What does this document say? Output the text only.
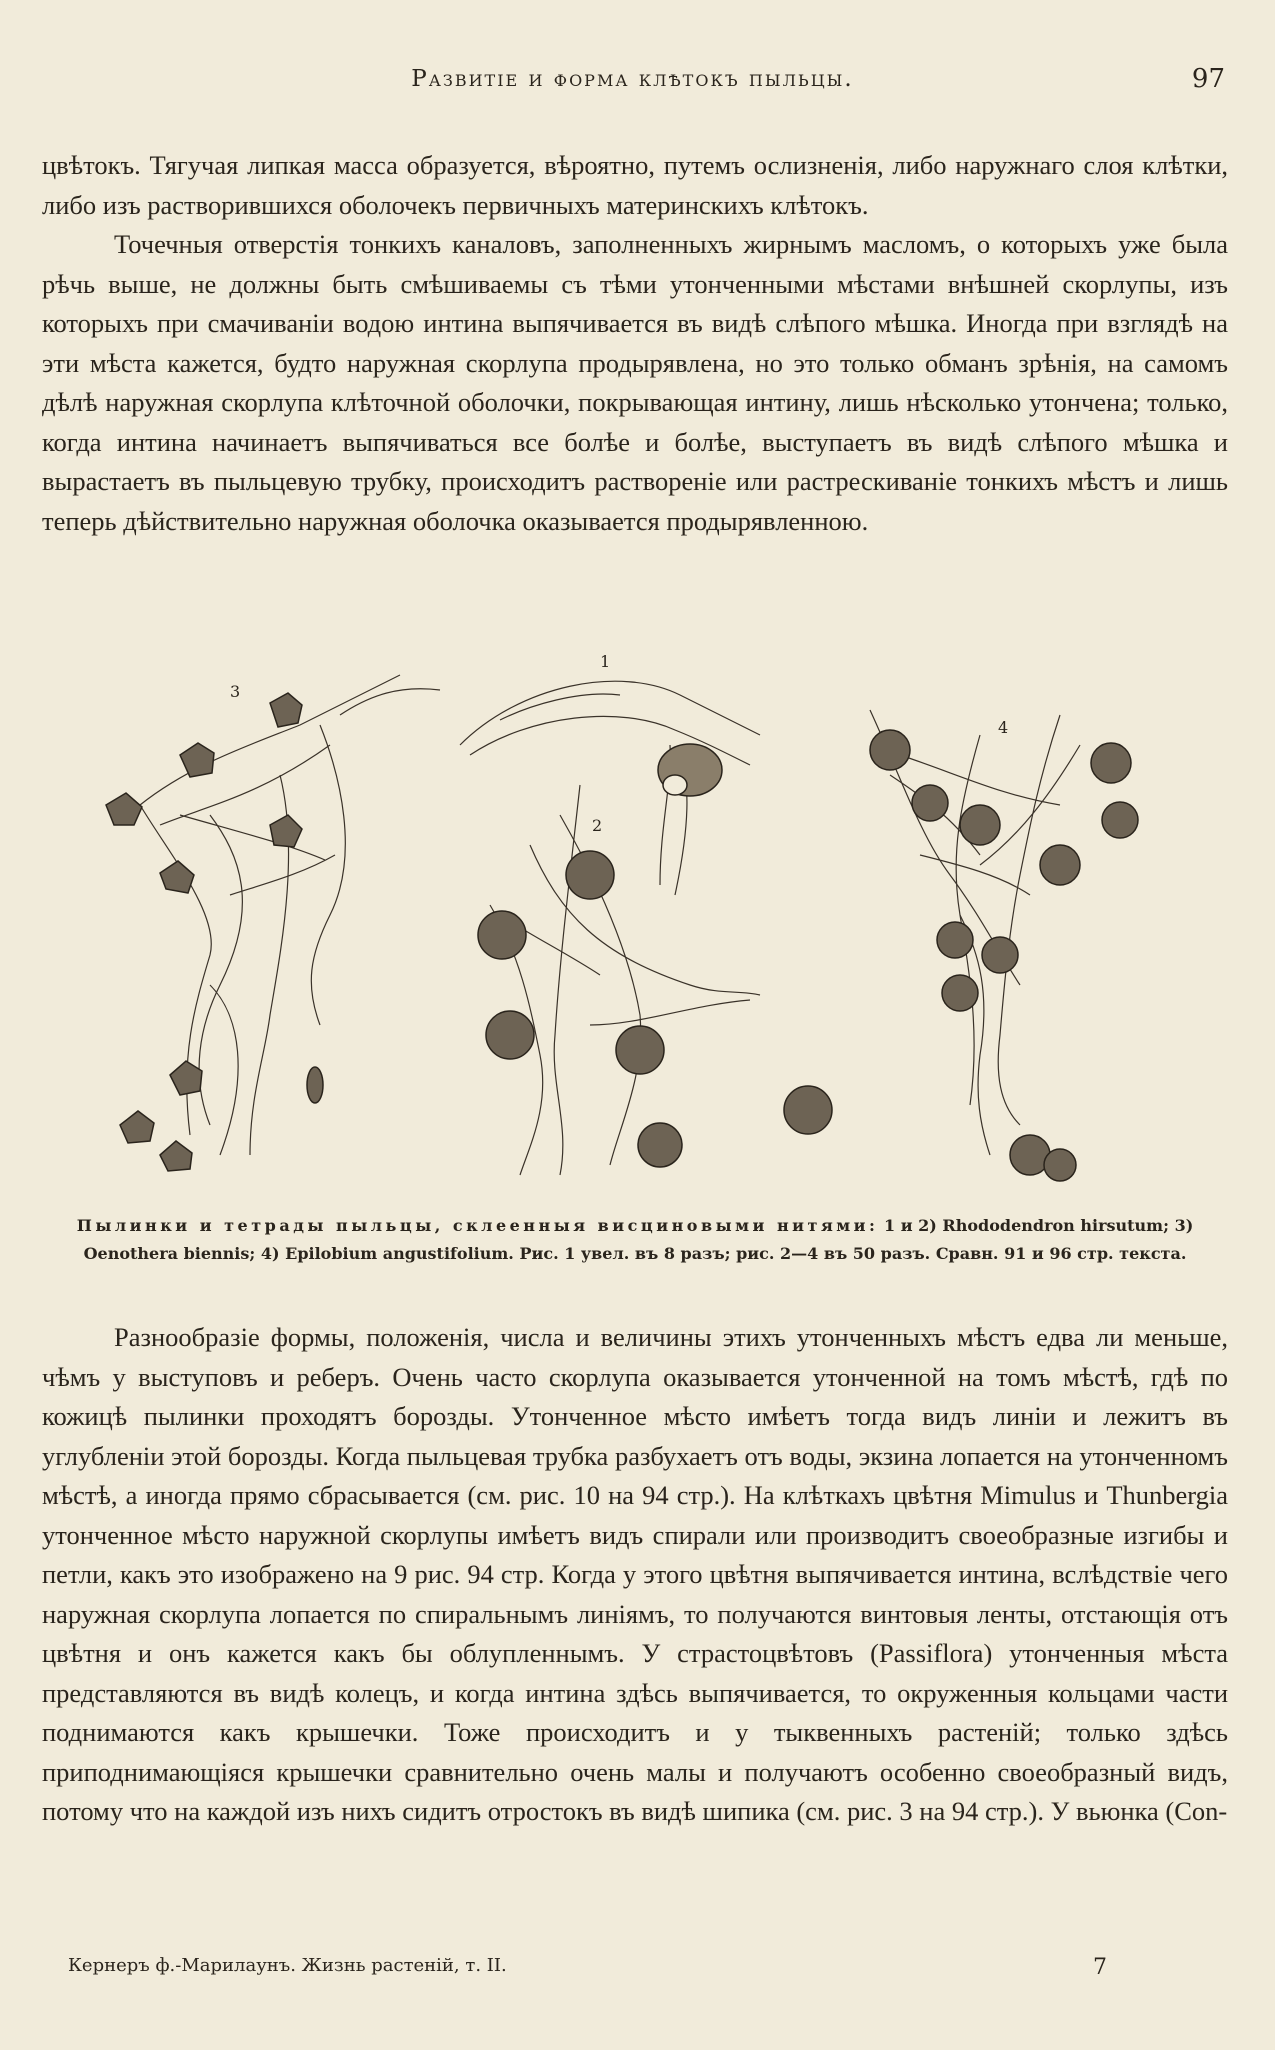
Развитіе и форма клѣтокъ пыльцы.	97

цвѣтокъ. Тягучая липкая масса образуется, вѣроятно, путемъ ослизненія, либо наружнаго слоя клѣтки, либо изъ растворившихся оболочекъ первичныхъ материнскихъ клѣтокъ.

Точечныя отверстія тонкихъ каналовъ, заполненныхъ жирнымъ масломъ, о которыхъ уже была рѣчь выше, не должны быть смѣшиваемы съ тѣми утонченными мѣстами внѣшней скорлупы, изъ которыхъ при смачиваніи водою интина выпячивается въ видѣ слѣпого мѣшка. Иногда при взглядѣ на эти мѣста кажется, будто наружная скорлупа продырявлена, но это только обманъ зрѣнія, на самомъ дѣлѣ наружная скорлупа клѣточной оболочки, покрывающая интину, лишь нѣсколько утончена; только, когда интина начинаетъ выпячиваться все болѣе и болѣе, выступаетъ въ видѣ слѣпого мѣшка и вырастаетъ въ пыльцевую трубку, происходитъ раствореніе или растрескиваніе тонкихъ мѣстъ и лишь теперь дѣйствительно наружная оболочка оказывается продырявленною.

3
1
2
4
Пылинки и тетрады пыльцы, склеенныя висциновыми нитями: 1 и 2) Rhododendron hirsutum; 3) Oenothera biennis; 4) Epilobium angustifolium. Рис. 1 увел. въ 8 разъ; рис. 2—4 въ 50 разъ. Сравн. 91 и 96 стр. текста.

Разнообразіе формы, положенія, числа и величины этихъ утонченныхъ мѣстъ едва ли меньше, чѣмъ у выступовъ и реберъ. Очень часто скорлупа оказывается утонченной на томъ мѣстѣ, гдѣ по кожицѣ пылинки проходятъ борозды. Утонченное мѣсто имѣетъ тогда видъ линіи и лежитъ въ углубленіи этой борозды. Когда пыльцевая трубка разбухаетъ отъ воды, экзина лопается на утонченномъ мѣстѣ, а иногда прямо сбрасывается (см. рис. 10 на 94 стр.). На клѣткахъ цвѣтня Mimulus и Thunbergia утонченное мѣсто наружной скорлупы имѣетъ видъ спирали или производитъ своеобразные изгибы и петли, какъ это изображено на 9 рис. 94 стр. Когда у этого цвѣтня выпячивается интина, вслѣдствіе чего наружная скорлупа лопается по спиральнымъ линіямъ, то получаются винтовыя ленты, отстающія отъ цвѣтня и онъ кажется какъ бы облупленнымъ. У страстоцвѣтовъ (Passiflora) утонченныя мѣста представляются въ видѣ колецъ, и когда интина здѣсь выпячивается, то окруженныя кольцами части поднимаются какъ крышечки. Тоже происходитъ и у тыквенныхъ растеній; только здѣсь приподнимающіяся крышечки сравнительно очень малы и получаютъ особенно своеобразный видъ, потому что на каждой изъ нихъ сидитъ отростокъ въ видѣ шипика (см. рис. 3 на 94 стр.). У вьюнка (Con-

Кернеръ ф.-Марилаунъ. Жизнь растеній, т. II.	7
